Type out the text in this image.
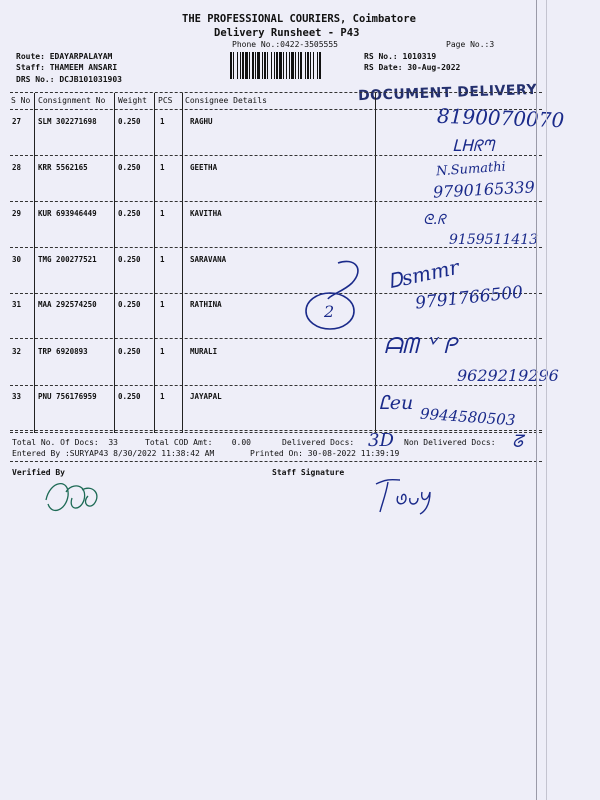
THE PROFESSIONAL COURIERS, Coimbatore
Delivery Runsheet - P43
Phone No.:0422-3505555	Page No.:3
Route: EDAYARPALAYAM
Staff: THAMEEM ANSARI
DRS No.: DCJB101031903
RS No.: 1010319
RS Date: 30-Aug-2022
DOCUMENT DELIVERY
S No Consignment No Weight PCS Consignee Details
27 SLM 302271698	0.250	1	RAGHU
28 KRR 5562165	0.250	1	GEETHA
29 KUR 693946449	0.250	1	KAVITHA
30 TMG 200277521	0.250	1	SARAVANA
31 MAA 292574250	0.250	1	RATHINA
32 TRP 6920893	0.250	1	MURALI
33 PNU 756176959	0.250	1	JAYAPAL
8190070070
ᒪᕼᖇᘉ
N.Sumathi
9790165339
ᘓ.ᖇ
9159511413
Ꭰsmmr
9791766500
ᗩᗰ ᘁ ᑭ
9629219296
Ꮭeu
9944580503
2
Total No. Of Docs:  33	Total COD Amt:    0.00	Delivered Docs:	Non Delivered Docs:
3D	ᘔ
Entered By :SURYAP43 8/30/2022 11:38:42 AM	Printed On: 30-08-2022 11:39:19
Verified By	Staff Signature
